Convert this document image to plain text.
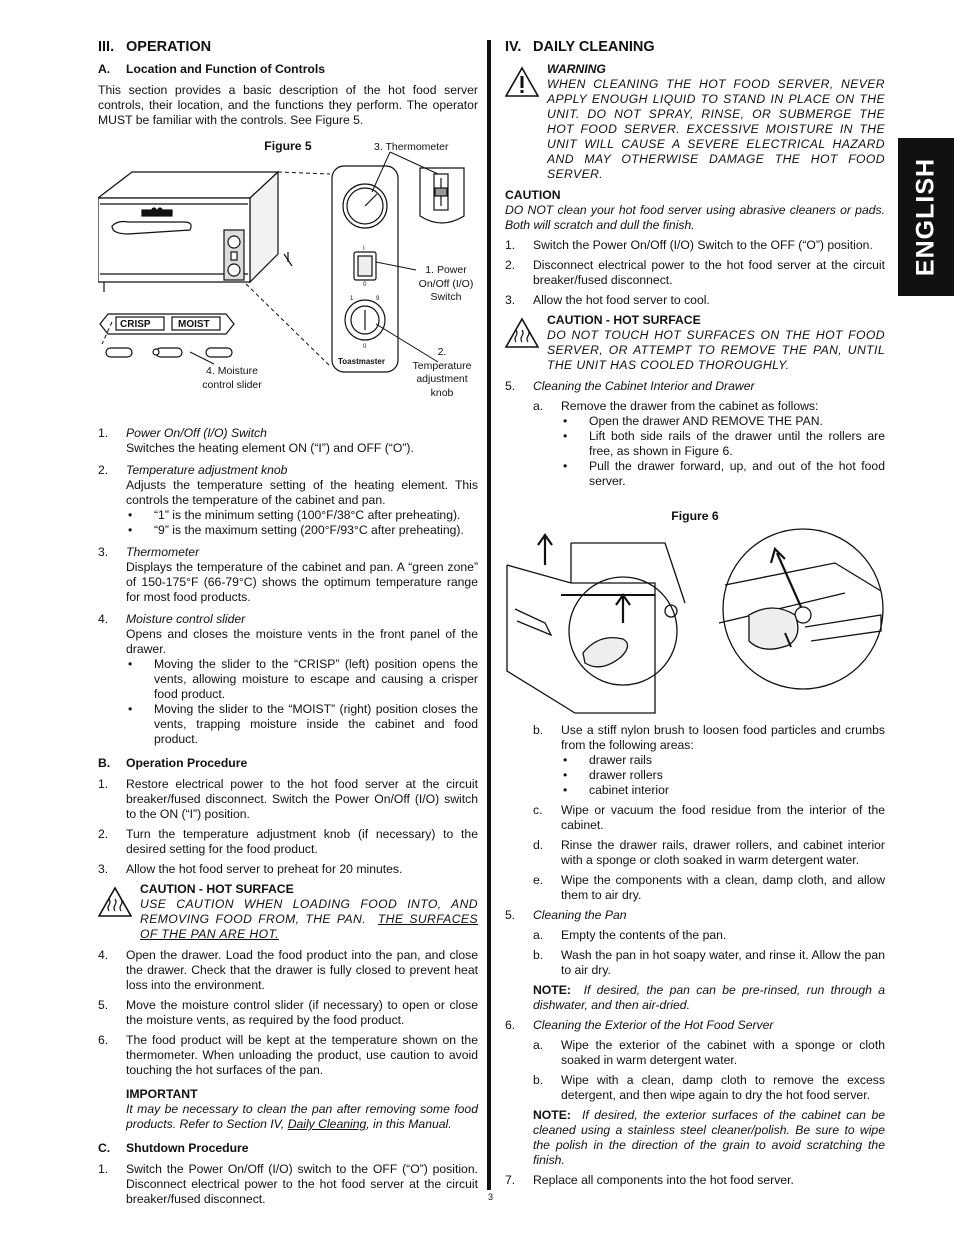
ENGLISH
3
III. OPERATION
A. Location and Function of Controls

This section provides a basic description of the hot food server controls, their location, and the functions they perform. The operator MUST be familiar with the controls. See Figure 5.

Figure 5	3. Thermometer
I
0
1	9
0
Toastmaster
CRISP	MOIST
1. Power
On/Off (I/O)
Switch
2.
Temperature
adjustment
knob
4. Moisture
control slider
1. Power On/Off (I/O) Switch
Switches the heating element ON (“I”) and OFF (“O”).
2. Temperature adjustment knob
Adjusts the temperature setting of the heating element. This controls the temperature of the cabinet and pan.
• “1” is the minimum setting (100°F/38°C after preheating).
• “9” is the maximum setting (200°F/93°C after preheating).
3. Thermometer
Displays the temperature of the cabinet and pan. A “green zone” of 150-175°F (66-79°C) shows the optimum temperature range for most food products.
4. Moisture control slider
Opens and closes the moisture vents in the front panel of the drawer.
• Moving the slider to the “CRISP” (left) position opens the vents, allowing moisture to escape and causing a crisper food product.
• Moving the slider to the “MOIST” (right) position closes the vents, trapping moisture inside the cabinet and food product.
B. Operation Procedure
1. Restore electrical power to the hot food server at the circuit breaker/fused disconnect. Switch the Power On/Off (I/O) switch to the ON (“I”) position.
2. Turn the temperature adjustment knob (if necessary) to the desired setting for the food product.
3. Allow the hot food server to preheat for 20 minutes.
CAUTION - HOT SURFACE
USE CAUTION WHEN LOADING FOOD INTO, AND REMOVING FOOD FROM, THE PAN. THE SURFACES OF THE PAN ARE HOT.
4. Open the drawer. Load the food product into the pan, and close the drawer. Check that the drawer is fully closed to prevent heat loss into the environment.
5. Move the moisture control slider (if necessary) to open or close the moisture vents, as required by the food product.
6. The food product will be kept at the temperature shown on the thermometer. When unloading the product, use caution to avoid touching the hot surfaces of the pan.
IMPORTANT
It may be necessary to clean the pan after removing some food products. Refer to Section IV, Daily Cleaning, in this Manual.
C. Shutdown Procedure
1. Switch the Power On/Off (I/O) switch to the OFF (“O”) position. Disconnect electrical power to the hot food server at the circuit breaker/fused disconnect.
IV. DAILY CLEANING
WARNING
WHEN CLEANING THE HOT FOOD SERVER, NEVER APPLY ENOUGH LIQUID TO STAND IN PLACE ON THE UNIT. DO NOT SPRAY, RINSE, OR SUBMERGE THE HOT FOOD SERVER. EXCESSIVE MOISTURE IN THE UNIT WILL CAUSE A SEVERE ELECTRICAL HAZARD AND MAY OTHERWISE DAMAGE THE HOT FOOD SERVER.
CAUTION
DO NOT clean your hot food server using abrasive cleaners or pads. Both will scratch and dull the finish.
1. Switch the Power On/Off (I/O) Switch to the OFF (“O”) position.
2. Disconnect electrical power to the hot food server at the circuit breaker/fused disconnect.
3. Allow the hot food server to cool.
CAUTION - HOT SURFACE
DO NOT TOUCH HOT SURFACES ON THE HOT FOOD SERVER, OR ATTEMPT TO REMOVE THE PAN, UNTIL THE UNIT HAS COOLED THOROUGHLY.
5. Cleaning the Cabinet Interior and Drawer
a. Remove the drawer from the cabinet as follows:
• Open the drawer AND REMOVE THE PAN.
• Lift both side rails of the drawer until the rollers are free, as shown in Figure 6.
• Pull the drawer forward, up, and out of the hot food server.
Figure 6
b. Use a stiff nylon brush to loosen food particles and crumbs from the following areas:
• drawer rails
• drawer rollers
• cabinet interior
c. Wipe or vacuum the food residue from the interior of the cabinet.
d. Rinse the drawer rails, drawer rollers, and cabinet interior with a sponge or cloth soaked in warm detergent water.
e. Wipe the components with a clean, damp cloth, and allow them to air dry.
5. Cleaning the Pan
a. Empty the contents of the pan.
b. Wash the pan in hot soapy water, and rinse it. Allow the pan to air dry.
NOTE: If desired, the pan can be pre-rinsed, run through a dishwater, and then air-dried.
6. Cleaning the Exterior of the Hot Food Server
a. Wipe the exterior of the cabinet with a sponge or cloth soaked in warm detergent water.
b. Wipe with a clean, damp cloth to remove the excess detergent, and then wipe again to dry the hot food server.
NOTE: If desired, the exterior surfaces of the cabinet can be cleaned using a stainless steel cleaner/polish. Be sure to wipe the polish in the direction of the grain to avoid scratching the finish.
7. Replace all components into the hot food server.
